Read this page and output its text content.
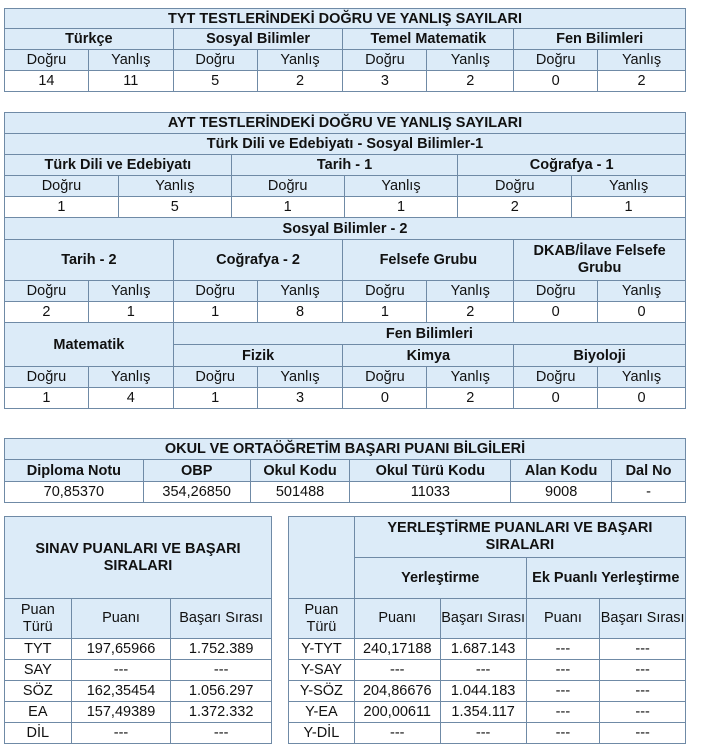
TYT TESTLERİNDEKİ DOĞRU VE YANLIŞ SAYILARI							
Türkçe		Sosyal Bilimler		Temel Matematik		Fen Bilimleri	
Doğru	Yanlış	Doğru	Yanlış	Doğru	Yanlış	Doğru	Yanlış
14	11	5	2	3	2	0	2
AYT TESTLERİNDEKİ DOĞRU VE YANLIŞ SAYILARI
Türk Dili ve Edebiyatı - Sosyal Bilimler-1

Türk Dili ve Edebiyatı		Tarih - 1		Coğrafya - 1	
Doğru	Yanlış	Doğru	Yanlış	Doğru	Yanlış
1	5	1	1	2	1
Sosyal Bilimler - 2							
Tarih - 2		Coğrafya - 2		Felsefe Grubu		DKAB/İlave Felsefe Grubu	
Doğru	Yanlış	Doğru	Yanlış	Doğru	Yanlış	Doğru	Yanlış
2	1	1	8	1	2	0	0
Matematik		Fen Bilimleri					
		Fizik		Kimya		Biyoloji	
Doğru	Yanlış	Doğru	Yanlış	Doğru	Yanlış	Doğru	Yanlış
1	4	1	3	0	2	0	0
OKUL VE ORTAÖĞRETİM BAŞARI PUANI BİLGİLERİ					
Diploma Notu	OBP	Okul Kodu	Okul Türü Kodu	Alan Kodu	Dal No
70,85370	354,26850	501488	11033	9008	-
SINAV PUANLARI VE BAŞARI SIRALARI		
Puan Türü	Puanı	Başarı Sırası
TYT	197,65966	1.752.389
SAY	---	---
SÖZ	162,35454	1.056.297
EA	157,49389	1.372.332
DİL	---	---
	YERLEŞTİRME PUANLARI VE BAŞARI SIRALARI			
	Yerleştirme		Ek Puanlı Yerleştirme	
Puan Türü	Puanı	Başarı Sırası	Puanı	Başarı Sırası
Y-TYT	240,17188	1.687.143	---	---
Y-SAY	---	---	---	---
Y-SÖZ	204,86676	1.044.183	---	---
Y-EA	200,00611	1.354.117	---	---
Y-DİL	---	---	---	---
